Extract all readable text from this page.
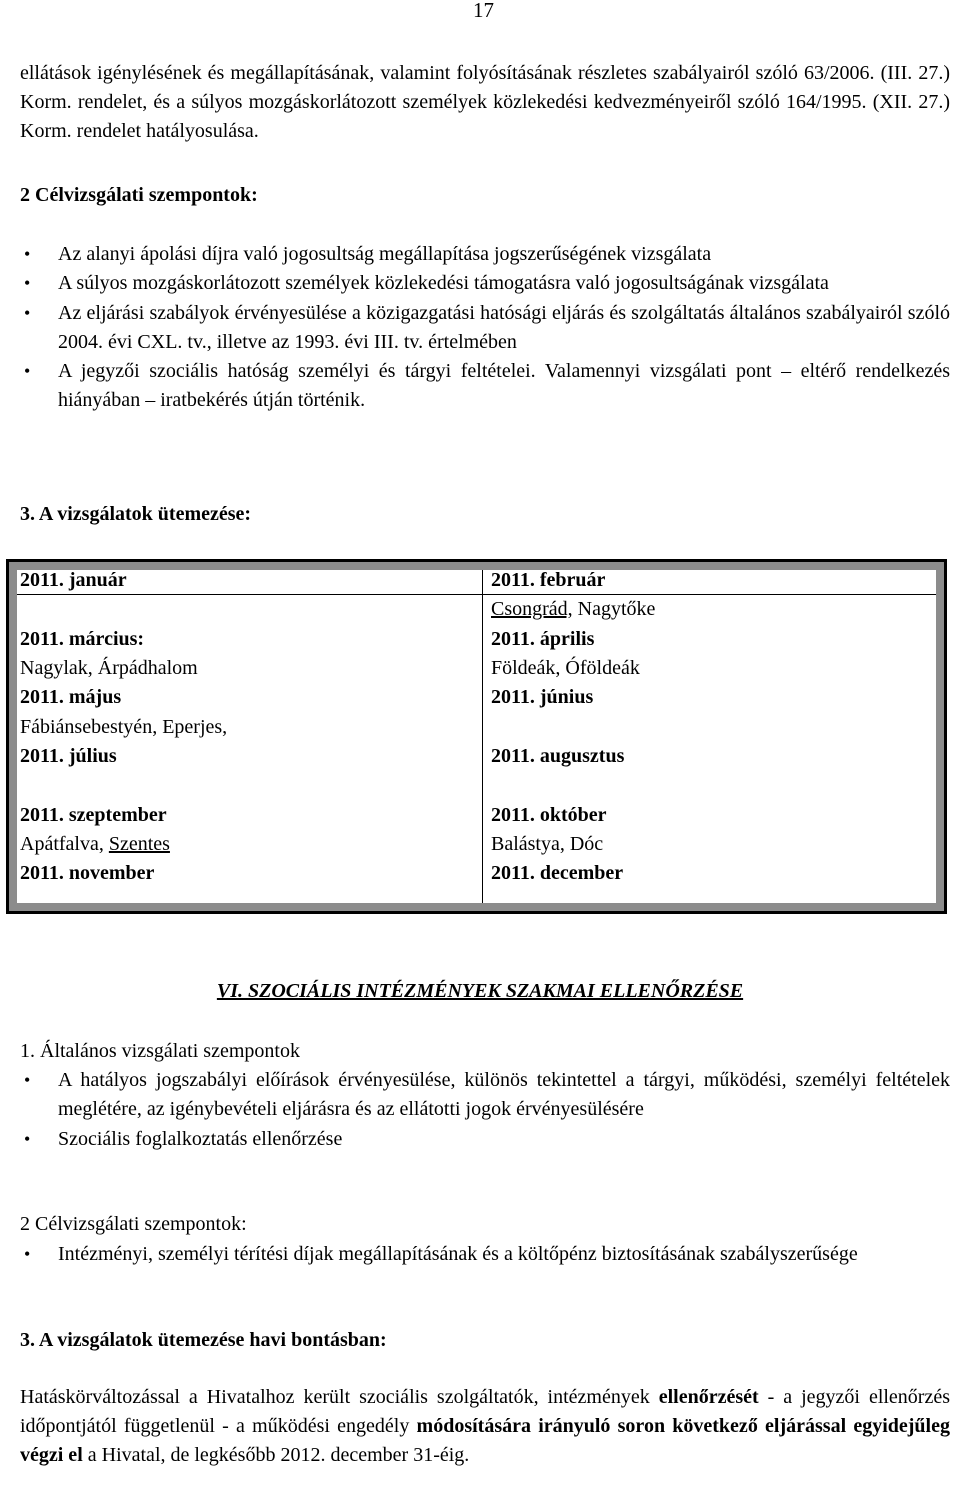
17
ellátások igénylésének és megállapításának, valamint folyósításának részletes szabályairól szóló 63/2006. (III. 27.) Korm. rendelet, és a súlyos mozgáskorlátozott személyek közlekedési kedvezményeiről szóló 164/1995. (XII. 27.) Korm. rendelet hatályosulása.
2 Célvizsgálati szempontok:
• Az alanyi ápolási díjra való jogosultság megállapítása jogszerűségének vizsgálata
• A súlyos mozgáskorlátozott személyek közlekedési támogatásra való jogosultságának vizsgálata
• Az eljárási szabályok érvényesülése a közigazgatási hatósági eljárás és szolgáltatás általános szabályairól szóló 2004. évi CXL. tv., illetve az 1993. évi III. tv. értelmében
• A jegyzői szociális hatóság személyi és tárgyi feltételei. Valamennyi vizsgálati pont – eltérő rendelkezés hiányában – iratbekérés útján történik.
3. A vizsgálatok ütemezése:
2011. január
2011. március:
Nagylak, Árpádhalom
2011. május
Fábiánsebestyén, Eperjes,
2011. július
2011. szeptember
Apátfalva, Szentes
2011. november
2011. február
Csongrád, Nagytőke
2011. április
Földeák, Óföldeák
2011. június
2011. augusztus
2011. október
Balástya, Dóc
2011. december
VI. SZOCIÁLIS INTÉZMÉNYEK SZAKMAI ELLENŐRZÉSE
1. Általános vizsgálati szempontok
• A hatályos jogszabályi előírások érvényesülése, különös tekintettel a tárgyi, működési, személyi feltételek meglétére, az igénybevételi eljárásra és az ellátotti jogok érvényesülésére
• Szociális foglalkoztatás ellenőrzése
2 Célvizsgálati szempontok:
• Intézményi, személyi térítési díjak megállapításának és a költőpénz biztosításának szabályszerűsége
3. A vizsgálatok ütemezése havi bontásban:
Hatáskörváltozással a Hivatalhoz került szociális szolgáltatók, intézmények ellenőrzését - a jegyzői ellenőrzés időpontjától függetlenül - a működési engedély módosítására irányuló soron következő eljárással egyidejűleg végzi el a Hivatal, de legkésőbb 2012. december 31-éig.
